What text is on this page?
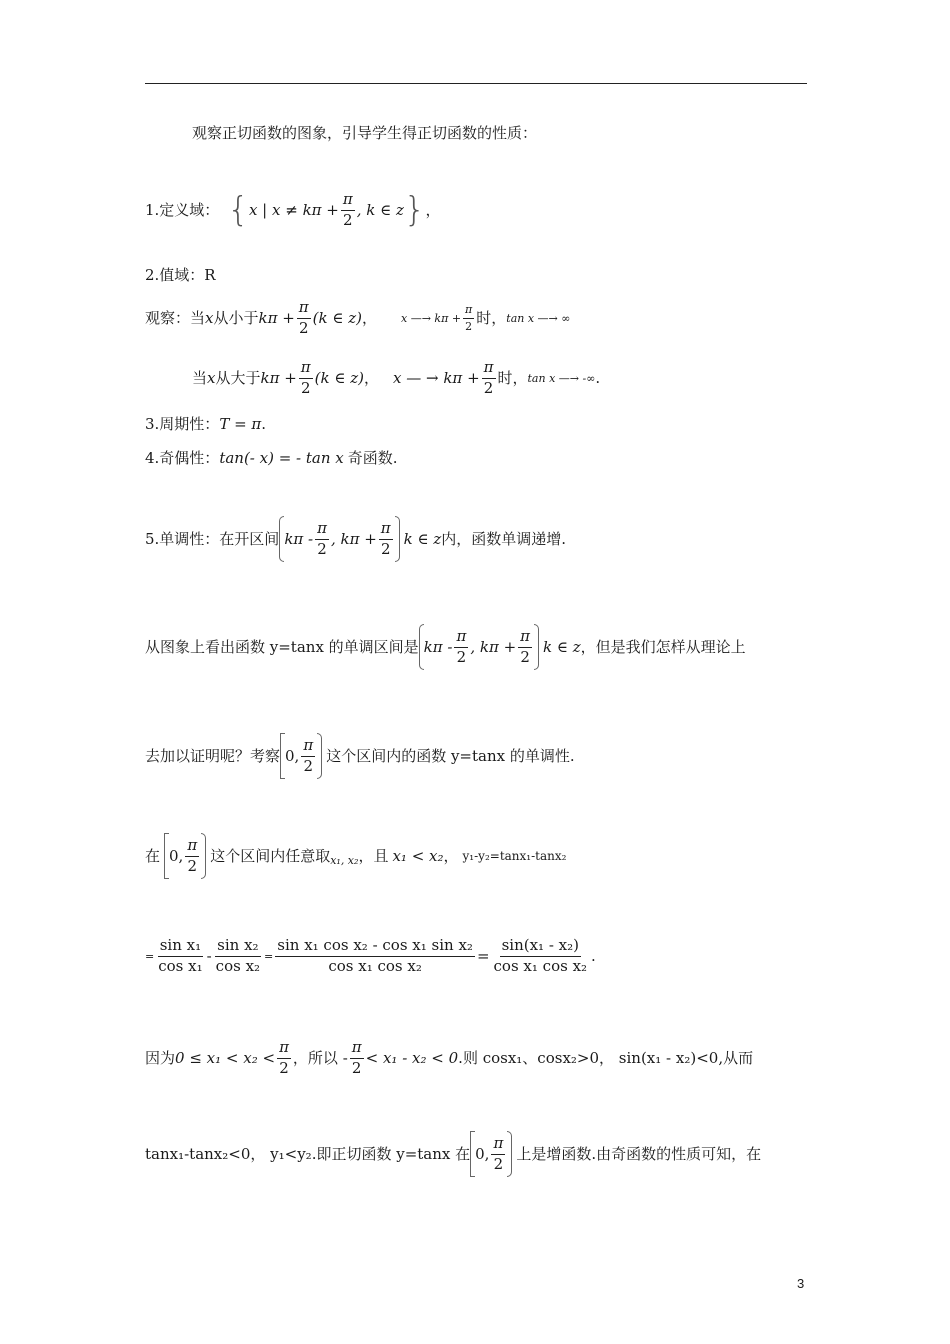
观察正切函数的图象，引导学生得正切函数的性质：
1.定义域： { x | $x \ne k\pi + \frac{\pi}{2}$ , k ∈ z } ，
2.值域：R
观察：当 x 从小于 $k\pi + \frac{\pi}{2} (k$ ∈ z) ， x —→ $k\pi + \frac{\pi}{2}$ 时， tan x —→ ∞
当 x 从大于 $k\pi + \frac{\pi}{2} (k$ ∈ z) ， x — → $k\pi + \frac{\pi}{2}$ 时， tan x —→ -∞ .
3.周期性： T = π .
4.奇偶性： tan(- x) = - tan x 奇函数.
5.单调性：在开区间 kπ - $\frac{\pi}{2}$ , $k\pi + \frac{\pi}{2}$ k ∈ z 内，函数单调递增.
从图象上看出函数 y=tanx 的单调区间是 kπ - $\frac{\pi}{2}$ , $k\pi + \frac{\pi}{2}$ k ∈ z ，但是我们怎样从理论上
去加以证明呢？考察 0, $\frac{\pi}{2}$ 这个区间内的函数 y=tanx 的单调性.
在 0, $\frac{\pi}{2}$ 这个区间内任意取 x₁, x₂ ，且 x₁ < x₂ ， y₁-y₂=tanx₁-tanx₂
= $\frac{\text{sin x₁}}{\text{cos x₁}} - \frac{\text{sin x₂}}{\text{cos x₂}} = \frac{\text{sin x₁ cos x₂ - cos x₁ sin x₂}}{\text{cos x₁ cos x₂}} = \frac{\text{sin(x₁ - x₂)}}{\text{cos x₁ cos x₂}}$ .
因为 $0 \le x_1 < x_2 < \frac{\pi}{2}$ ，所以 - $\frac{\pi}{2} < x_1 - x_2 < 0$ .则 cosx₁、cosx₂>0， sin(x₁ - x₂)<0,从而
tanx₁-tanx₂<0， y₁<y₂.即正切函数 y=tanx 在 0, $\frac{\pi}{2}$ 上是增函数.由奇函数的性质可知，在
3
